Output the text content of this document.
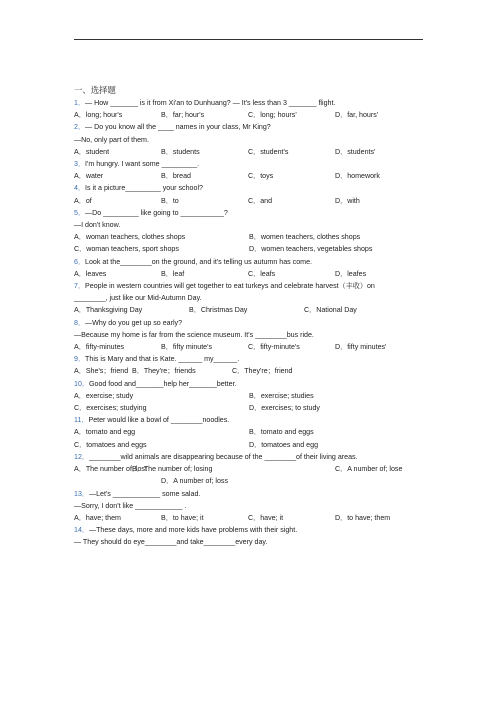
一、选择题
1．— How _______ is it from Xi'an to Dunhuang? — It's less than 3 _______ flight.
A．long; hour's	B．far; hour's	C．long; hours'	D．far, hours'
2．— Do you know all the ____ names in your class, Mr King?
—No, only part of them.
A．student	B．students	C．student's	D．students'
3．I'm hungry. I want some _________.
A．water	B．bread	C．toys	D．homework
4．Is it a picture_________ your school?
A．of	B．to	C．and	D．with
5．—Do _________ like going to ___________?
—I don't know.
A．woman teachers, clothes shops	B．women teachers, clothes shops
C．woman teachers, sport shops	D．women teachers, vegetables shops
6．Look at the________on the ground, and it's telling us autumn has come.
A．leaves	B．leaf	C．leafs	D．leafes
7．People in western countries will get together to eat turkeys and celebrate harvest（丰收）on
________, just like our Mid-Autumn Day.
A．Thanksgiving Day	B．Christmas Day	C．National Day
8．—Why do you get up so early?
—Because my home is far from the science museum. It's ________bus ride.
A．fifty-minutes	B．fifty minute's	C．fifty-minute's	D．fifty minutes'
9．This is Mary and that is Kate. ______ my______.
A．She's；friend B．They're；friends	C．They're；friend
10．Good food and_______help her_______better.
A．exercise; study	B．exercise; studies
C．exercises; studying	D．exercises; to study
11．Peter would like a bowl of ________noodles.
A．tomato and egg	B．tomato and eggs
C．tomatoes and eggs	D．tomatoes and egg
12．________wild animals are disappearing because of the ________of their living areas.
A．The number of; lostB．The number of; losing	C．A number of; lose
D．A number of; loss
13．—Let's ____________ some salad.
—Sorry, I don't like ____________ .
A．have; them	B．to have; it	C．have; it	D．to have; them
14．—These days, more and more kids have problems with their sight.
— They should do eye________and take________every day.
